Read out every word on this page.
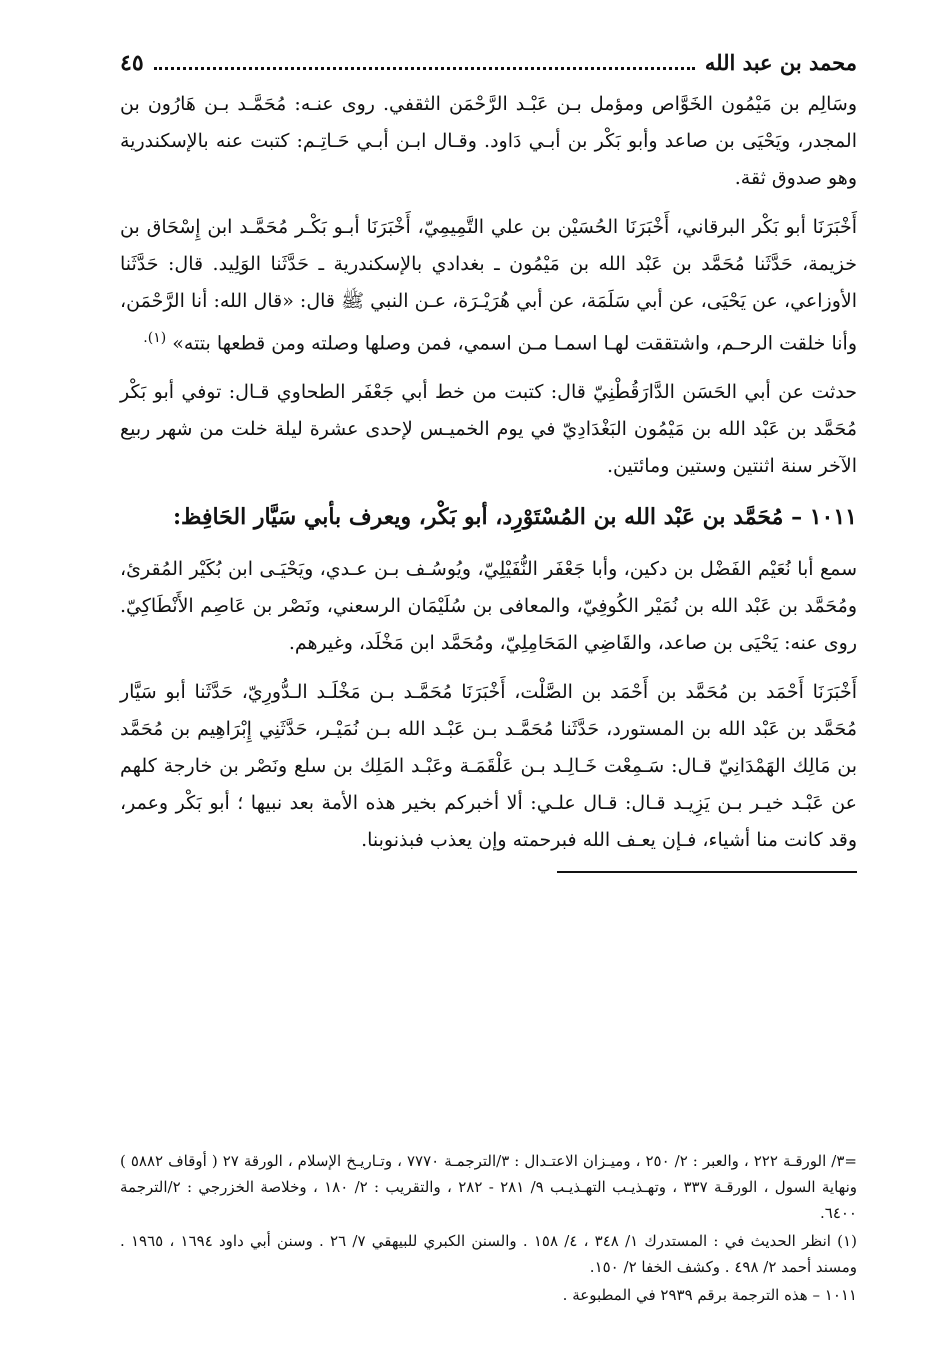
محمد بن عبد الله
٤٥

وسَالِم بن مَيْمُون الخَوَّاص ومؤمل بـن عَبْـد الرَّحْمَن الثقفي. روى عنـه: مُحَمَّـد بـن هَارُون بن المجدر، ويَحْيَى بن صاعد وأبو بَكْر بن أبـي دَاود. وقـال ابـن أبـي حَـاتِـم: كتبت عنه بالإسكندرية وهو صدوق ثقة.

أَخْبَرَنَا أبو بَكْر البرقاني، أَخْبَرَنَا الحُسَيْن بن علي التَّمِيمِيّ، أَخْبَرَنَا أبـو بَكْـر مُحَمَّـد ابن إِسْحَاق بن خزيمة، حَدَّثَنا مُحَمَّد بن عَبْد الله بن مَيْمُون ـ بغدادي بالإسكندرية ـ حَدَّثَنا الوَلِيد. قال: حَدَّثَنا الأوزاعي، عن يَحْيَى، عن أبي سَلَمَة، عن أبي هُرَيْـرَة، عـن النبي ﷺ قال: «قال الله: أنا الرَّحْمَن، وأنا خلقت الرحـم، واشتققت لهـا اسمـا مـن اسمي، فمن وصلها وصلته ومن قطعها بتته» $^{(١).}$

حدثت عن أبي الحَسَن الدَّارَقُطْنِيّ قال: كتبت من خط أبي جَعْفَر الطحاوي قـال: توفي أبو بَكْر مُحَمَّد بن عَبْد الله بن مَيْمُون البَغْدَادِيّ في يوم الخميـس لإحدى عشرة ليلة خلت من شهر ربيع الآخر سنة اثنتين وستين ومائتين.

١٠١١ – مُحَمَّد بن عَبْد الله بن المُسْتَوْرِد، أبو بَكْر، ويعرف بأبي سَيَّار الحَافِظ:

سمع أبا نُعَيْم الفَضْل بن دكين، وأبا جَعْفَر النُّفَيْلِيّ، ويُوسُـف بـن عـدي، ويَحْيَـى ابن بُكَيْر المُقرئ، ومُحَمَّد بن عَبْد الله بن نُمَيْر الكُوفِيّ، والمعافى بن سُلَيْمَان الرسعني، ونَصْر بن عَاصِم الأَنْطَاكِيّ. روى عنه: يَحْيَى بن صاعد، والقَاضِي المَحَامِلِيّ، ومُحَمَّد ابن مَخْلَد، وغيرهم.

أَخْبَرَنَا أَحْمَد بن مُحَمَّد بن أَحْمَد بن الصَّلْت، أَخْبَرَنَا مُحَمَّـد بـن مَخْلَـد الـدُّورِيّ، حَدَّثَنا أبو سَيَّار مُحَمَّد بن عَبْد الله بن المستورد، حَدَّثَنا مُحَمَّـد بـن عَبْـد الله بـن نُمَيْـر، حَدَّثَنِي إِبْرَاهِيم بن مُحَمَّد بن مَالِك الهَمْدَانِيّ قـال: سَـمِعْت خَـالِـد بـن عَلْقَمَـة وعَبْـد المَلِك بن سلع ونَصْر بن خارجة كلهم عن عَبْـد خيـر بـن يَزِيـد قـال: قـال علـي: ألا أخبركم بخير هذه الأمة بعد نبيها ؛ أبو بَكْر وعمر، وقد كانت منا أشياء، فـإن يعـف الله فبرحمته وإن يعذب فبذنوبنا.

=٣/ الورقـة ٢٢٢ ، والعبر : ٢/ ٢٥٠ ، وميـزان الاعتـدال : ٣/الترجمـة ٧٧٧٠ ، وتـاريـخ الإسلام ، الورقة ٢٧ ( أوقاف ٥٨٨٢ ) ونهاية السول ، الورقـة ٣٣٧ ، وتهـذيـب التهـذيـب ٩/ ٢٨١ - ٢٨٢ ، والتقريب : ٢/ ١٨٠ ، وخلاصة الخزرجي : ٢/الترجمة ٦٤٠٠.

(١) انظر الحديث في : المستدرك ١/ ٣٤٨ ، ٤/ ١٥٨ . والسنن الكبري للبيهقي ٧/ ٢٦ . وسنن أبي داود ١٦٩٤ ، ١٩٦٥ . ومسند أحمد ٢/ ٤٩٨ . وكشف الخفا ٢/ ١٥٠.

١٠١١ – هذه الترجمة برقم ٢٩٣٩ في المطبوعة .
